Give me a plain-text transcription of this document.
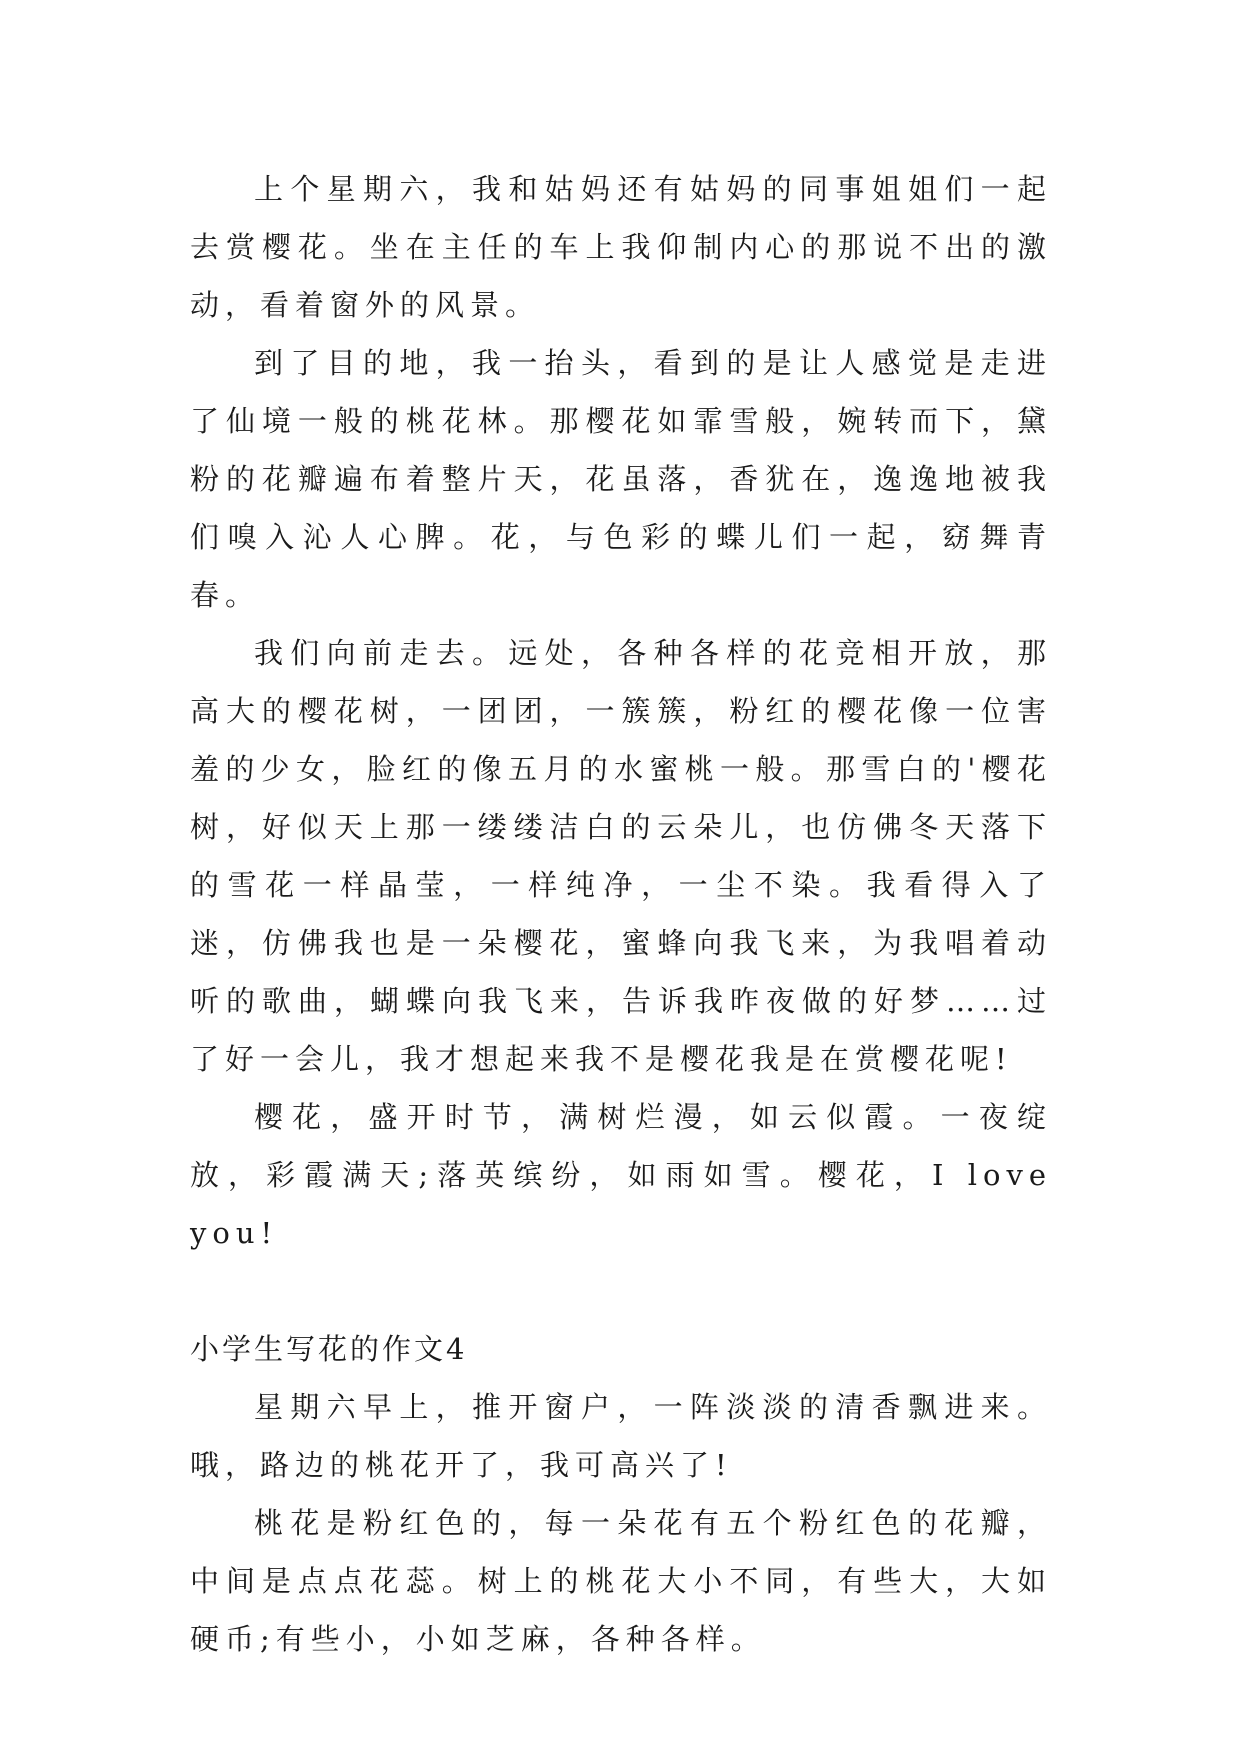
上个星期六，我和姑妈还有姑妈的同事姐姐们一起去赏樱花。坐在主任的车上我仰制内心的那说不出的激动，看着窗外的风景。

到了目的地，我一抬头，看到的是让人感觉是走进了仙境一般的桃花林。那樱花如霏雪般，婉转而下，黛粉的花瓣遍布着整片天，花虽落，香犹在，逸逸地被我们嗅入沁人心脾。花，与色彩的蝶儿们一起，窈舞青春。

我们向前走去。远处，各种各样的花竞相开放，那高大的樱花树，一团团，一簇簇，粉红的樱花像一位害羞的少女，脸红的像五月的水蜜桃一般。那雪白的'樱花树，好似天上那一缕缕洁白的云朵儿，也仿佛冬天落下的雪花一样晶莹，一样纯净，一尘不染。我看得入了迷，仿佛我也是一朵樱花，蜜蜂向我飞来，为我唱着动听的歌曲，蝴蝶向我飞来，告诉我昨夜做的好梦……过了好一会儿，我才想起来我不是樱花我是在赏樱花呢!

樱花，盛开时节，满树烂漫，如云似霞。一夜绽放，彩霞满天;落英缤纷，如雨如雪。樱花，I love you!

小学生写花的作文4

星期六早上，推开窗户，一阵淡淡的清香飘进来。哦，路边的桃花开了，我可高兴了!

桃花是粉红色的，每一朵花有五个粉红色的花瓣，中间是点点花蕊。树上的桃花大小不同，有些大，大如硬币;有些小，小如芝麻，各种各样。
